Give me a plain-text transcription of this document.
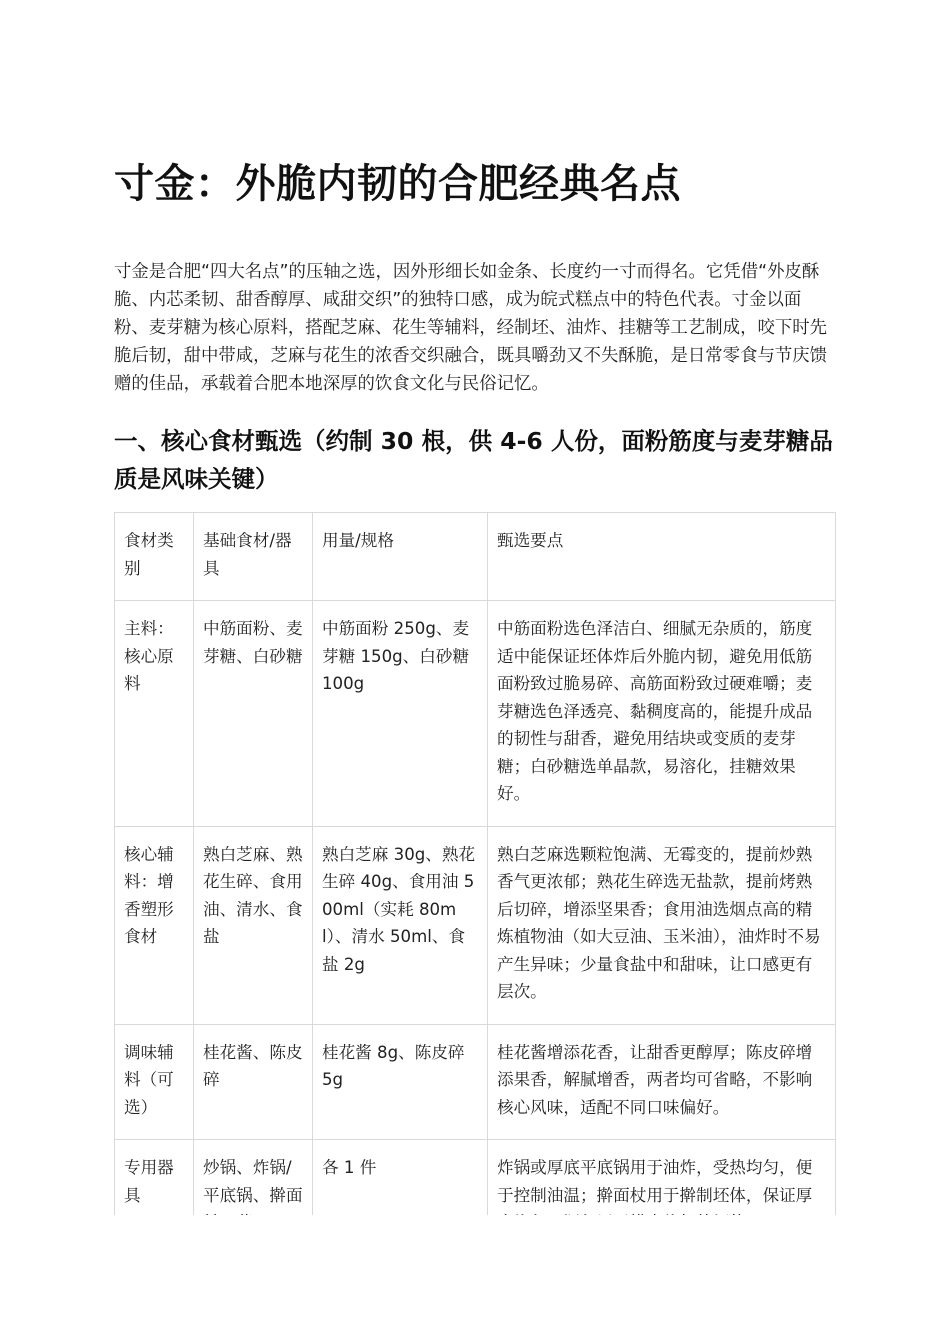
寸金：外脆内韧的合肥经典名点

寸金是合肥“四大名点”的压轴之选，因外形细长如金条、长度约一寸而得名。它凭借“外皮酥脆、内芯柔韧、甜香醇厚、咸甜交织”的独特口感，成为皖式糕点中的特色代表。寸金以面粉、麦芽糖为核心原料，搭配芝麻、花生等辅料，经制坯、油炸、挂糖等工艺制成，咬下时先脆后韧，甜中带咸，芝麻与花生的浓香交织融合，既具嚼劲又不失酥脆，是日常零食与节庆馈赠的佳品，承载着合肥本地深厚的饮食文化与民俗记忆。

一、核心食材甄选（约制 30 根，供 4-6 人份，面粉筋度与麦芽糖品质是风味关键）
食材类别	基础食材/器具	用量/规格	甄选要点
主料：核心原料	中筋面粉、麦芽糖、白砂糖	中筋面粉 250g、麦芽糖 150g、白砂糖 100g	中筋面粉选色泽洁白、细腻无杂质的，筋度适中能保证坯体炸后外脆内韧，避免用低筋面粉致过脆易碎、高筋面粉致过硬难嚼；麦芽糖选色泽透亮、黏稠度高的，能提升成品的韧性与甜香，避免用结块或变质的麦芽糖；白砂糖选单晶款，易溶化，挂糖效果好。
核心辅料：增香塑形食材	熟白芝麻、熟花生碎、食用油、清水、食盐	熟白芝麻 30g、熟花生碎 40g、食用油 500ml（实耗 80ml）、清水 50ml、食盐 2g	熟白芝麻选颗粒饱满、无霉变的，提前炒熟香气更浓郁；熟花生碎选无盐款，提前烤熟后切碎，增添坚果香；食用油选烟点高的精炼植物油（如大豆油、玉米油），油炸时不易产生异味；少量食盐中和甜味，让口感更有层次。
调味辅料（可选）	桂花酱、陈皮碎	桂花酱 8g、陈皮碎 5g	桂花酱增添花香，让甜香更醇厚；陈皮碎增添果香，解腻增香，两者均可省略，不影响核心风味，适配不同口味偏好。
专用器具	炒锅、炸锅/平底锅、擀面	各 1 件	炸锅或厚底平底锅用于油炸，受热均匀，便于控制油温；擀面杖用于擀制坯体，保证厚
